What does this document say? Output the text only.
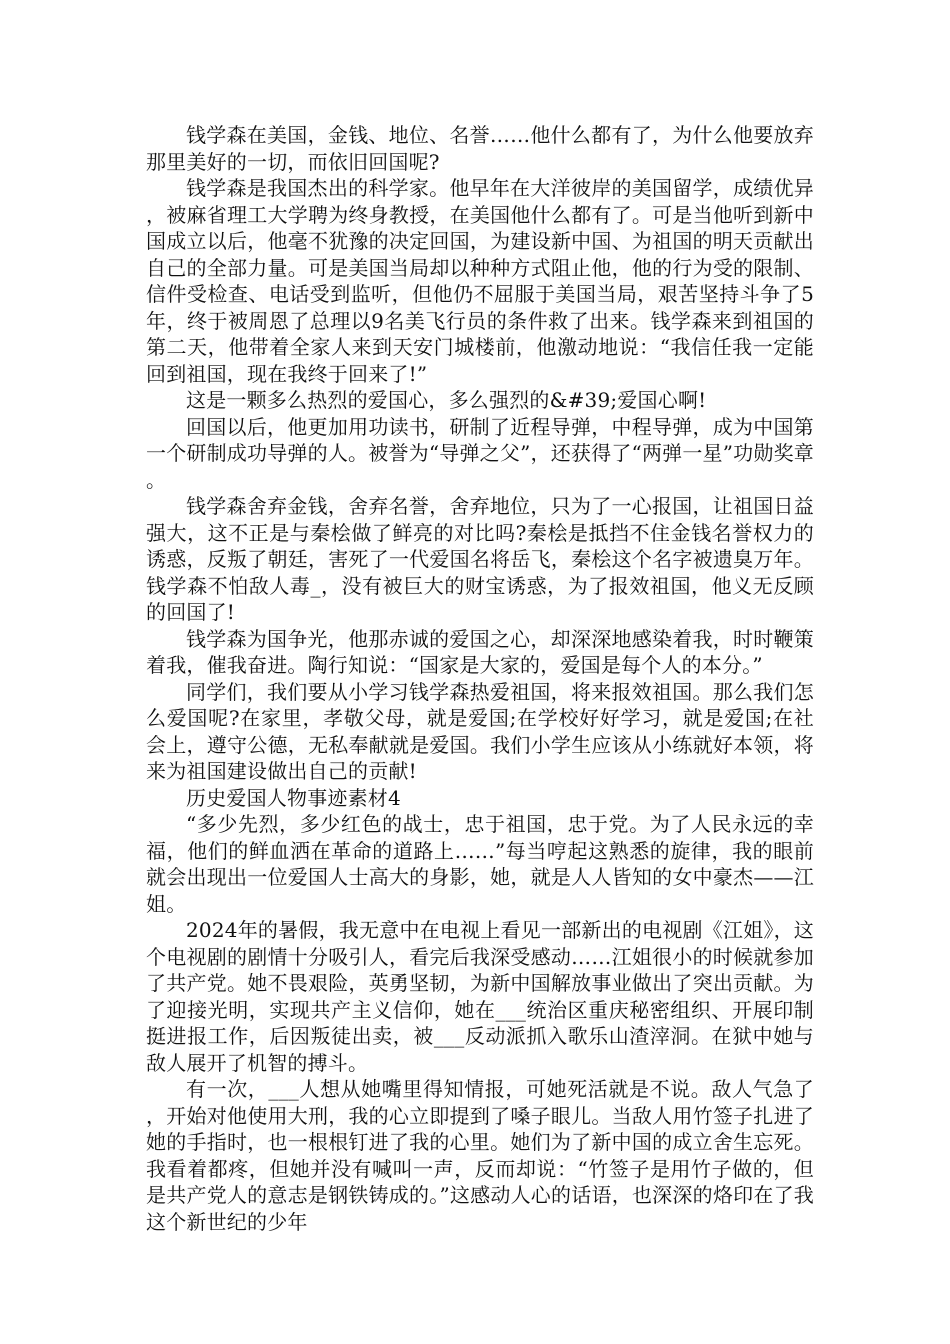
钱学森在美国，金钱、地位、名誉……他什么都有了，为什么他要放弃那里美好的一切，而依旧回国呢?

钱学森是我国杰出的科学家。他早年在大洋彼岸的美国留学，成绩优异，被麻省理工大学聘为终身教授，在美国他什么都有了。可是当他听到新中国成立以后，他毫不犹豫的决定回国，为建设新中国、为祖国的明天贡献出自己的全部力量。可是美国当局却以种种方式阻止他，他的行为受的限制、信件受检查、电话受到监听，但他仍不屈服于美国当局，艰苦坚持斗争了5年，终于被周恩了总理以9名美飞行员的条件救了出来。钱学森来到祖国的第二天，他带着全家人来到天安门城楼前，他激动地说：“我信任我一定能回到祖国，现在我终于回来了!”

这是一颗多么热烈的爱国心，多么强烈的&#39;爱国心啊!

回国以后，他更加用功读书，研制了近程导弹，中程导弹，成为中国第一个研制成功导弹的人。被誉为“导弹之父”，还获得了“两弹一星”功勋奖章。

钱学森舍弃金钱，舍弃名誉，舍弃地位，只为了一心报国，让祖国日益强大，这不正是与秦桧做了鲜亮的对比吗?秦桧是抵挡不住金钱名誉权力的诱惑，反叛了朝廷，害死了一代爱国名将岳飞，秦桧这个名字被遗臭万年。钱学森不怕敌人毒_，没有被巨大的财宝诱惑，为了报效祖国，他义无反顾的回国了!

钱学森为国争光，他那赤诚的爱国之心，却深深地感染着我，时时鞭策着我，催我奋进。陶行知说：“国家是大家的，爱国是每个人的本分。”

同学们，我们要从小学习钱学森热爱祖国，将来报效祖国。那么我们怎么爱国呢?在家里，孝敬父母，就是爱国;在学校好好学习，就是爱国;在社会上，遵守公德，无私奉献就是爱国。我们小学生应该从小练就好本领，将来为祖国建设做出自己的贡献!

历史爱国人物事迹素材4

“多少先烈，多少红色的战士，忠于祖国，忠于党。为了人民永远的幸福，他们的鲜血洒在革命的道路上……”每当哼起这熟悉的旋律，我的眼前就会出现出一位爱国人士高大的身影，她，就是人人皆知的女中豪杰——江姐。

2024年的暑假，我无意中在电视上看见一部新出的电视剧《江姐》，这个电视剧的剧情十分吸引人，看完后我深受感动……江姐很小的时候就参加了共产党。她不畏艰险，英勇坚韧，为新中国解放事业做出了突出贡献。为了迎接光明，实现共产主义信仰，她在___统治区重庆秘密组织、开展印制挺进报工作，后因叛徒出卖，被___反动派抓入歌乐山渣滓洞。在狱中她与敌人展开了机智的搏斗。

有一次，___人想从她嘴里得知情报，可她死活就是不说。敌人气急了，开始对他使用大刑，我的心立即提到了嗓子眼儿。当敌人用竹签子扎进了她的手指时，也一根根钉进了我的心里。她们为了新中国的成立舍生忘死。我看着都疼，但她并没有喊叫一声，反而却说：“竹签子是用竹子做的，但是共产党人的意志是钢铁铸成的。”这感动人心的话语，也深深的烙印在了我这个新世纪的少年
